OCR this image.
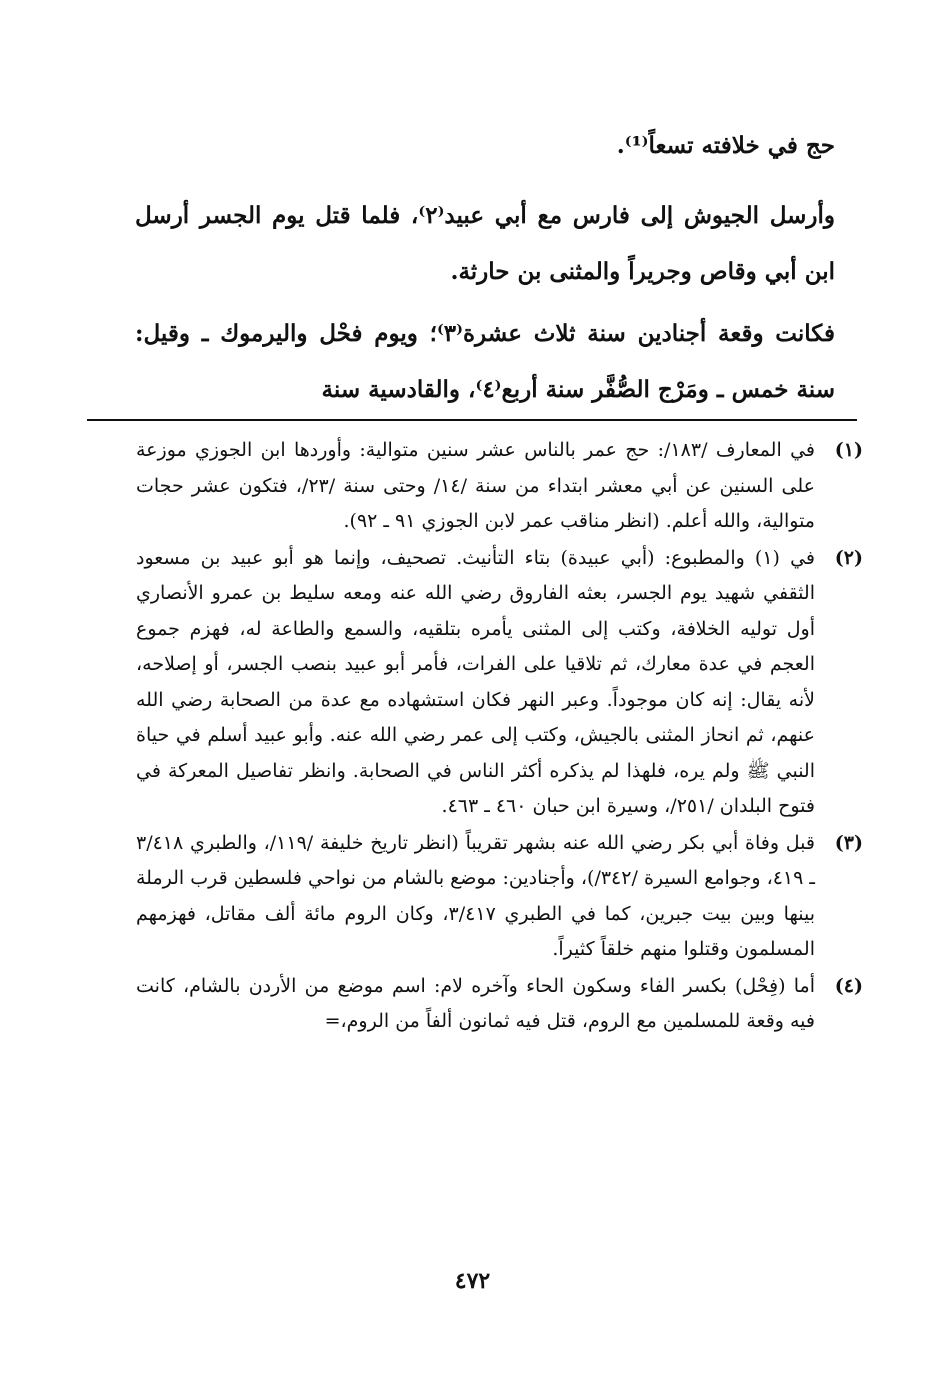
حج في خلافته تسعاً⁽¹⁾.

وأرسل الجيوش إلى فارس مع أبي عبيد⁽٢⁾، فلما قتل يوم الجسر أرسل ابن أبي وقاص وجريراً والمثنى بن حارثة.

فكانت وقعة أجنادين سنة ثلاث عشرة⁽٣⁾؛ ويوم فحْل واليرموك ـ وقيل: سنة خمس ـ ومَرْج الصُّفَّر سنة أربع⁽٤⁾، والقادسية سنة

(١)
في المعارف /١٨٣/: حج عمر بالناس عشر سنين متوالية: وأوردها ابن الجوزي موزعة على السنين عن أبي معشر ابتداء من سنة /١٤/ وحتى سنة /٢٣/، فتكون عشر حجات متوالية، والله أعلم. (انظر مناقب عمر لابن الجوزي ٩١ ـ ٩٢).
(٢)
في (١) والمطبوع: (أبي عبيدة) بتاء التأنيث. تصحيف، وإنما هو أبو عبيد بن مسعود الثقفي شهيد يوم الجسر، بعثه الفاروق رضي الله عنه ومعه سليط بن عمرو الأنصاري أول توليه الخلافة، وكتب إلى المثنى يأمره بتلقيه، والسمع والطاعة له، فهزم جموع العجم في عدة معارك، ثم تلاقيا على الفرات، فأمر أبو عبيد بنصب الجسر، أو إصلاحه، لأنه يقال: إنه كان موجوداً. وعبر النهر فكان استشهاده مع عدة من الصحابة رضي الله عنهم، ثم انحاز المثنى بالجيش، وكتب إلى عمر رضي الله عنه. وأبو عبيد أسلم في حياة النبي ﷺ ولم يره، فلهذا لم يذكره أكثر الناس في الصحابة. وانظر تفاصيل المعركة في فتوح البلدان /٢٥١/، وسيرة ابن حبان ٤٦٠ ـ ٤٦٣.
(٣)
قبل وفاة أبي بكر رضي الله عنه بشهر تقريباً (انظر تاريخ خليفة /١١٩/، والطبري ٣/٤١٨ ـ ٤١٩، وجوامع السيرة /٣٤٢/)، وأجنادين: موضع بالشام من نواحي فلسطين قرب الرملة بينها وبين بيت جبرين، كما في الطبري ٣/٤١٧، وكان الروم مائة ألف مقاتل، فهزمهم المسلمون وقتلوا منهم خلقاً كثيراً.
(٤)
أما (فِحْل) بكسر الفاء وسكون الحاء وآخره لام: اسم موضع من الأردن بالشام، كانت فيه وقعة للمسلمين مع الروم، قتل فيه ثمانون ألفاً من الروم،=
٤٧٢
